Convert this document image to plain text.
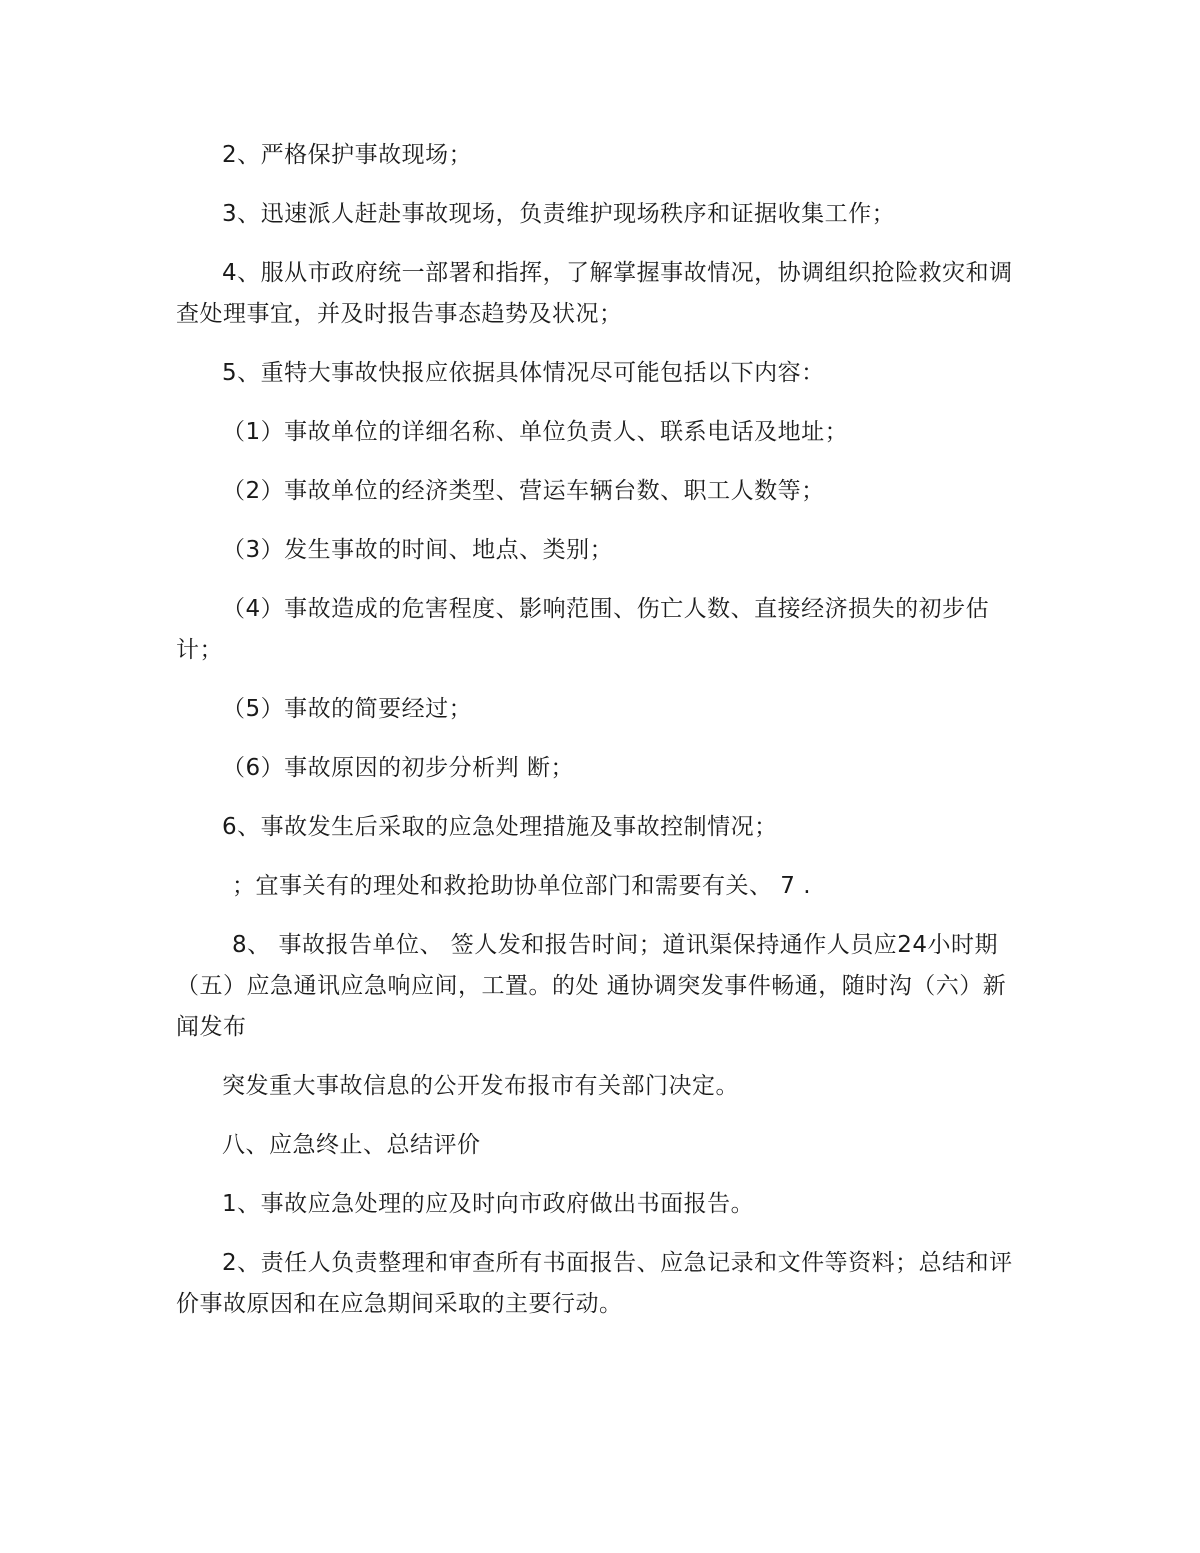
2、严格保护事故现场；
3、迅速派人赶赴事故现场，负责维护现场秩序和证据收集工作；
4、服从市政府统一部署和指挥，了解掌握事故情况，协调组织抢险救灾和调
查处理事宜，并及时报告事态趋势及状况；
5、重特大事故快报应依据具体情况尽可能包括以下内容：
（1）事故单位的详细名称、单位负责人、联系电话及地址；
（2）事故单位的经济类型、营运车辆台数、职工人数等；
（3）发生事故的时间、地点、类别；
（4）事故造成的危害程度、影响范围、伤亡人数、直接经济损失的初步估
计；
（5）事故的简要经过；
（6）事故原因的初步分析判 断；
6、事故发生后采取的应急处理措施及事故控制情况；
；宜事关有的理处和救抢助协单位部门和需要有关、 7 .
8、 事故报告单位、 签人发和报告时间；道讯渠保持通作人员应24小时期
（五）应急通讯应急响应间，工置。的处 通协调突发事件畅通，随时沟（六）新
闻发布
突发重大事故信息的公开发布报市有关部门决定。
八、应急终止、总结评价
1、事故应急处理的应及时向市政府做出书面报告。
2、责任人负责整理和审查所有书面报告、应急记录和文件等资料；总结和评
价事故原因和在应急期间采取的主要行动。
